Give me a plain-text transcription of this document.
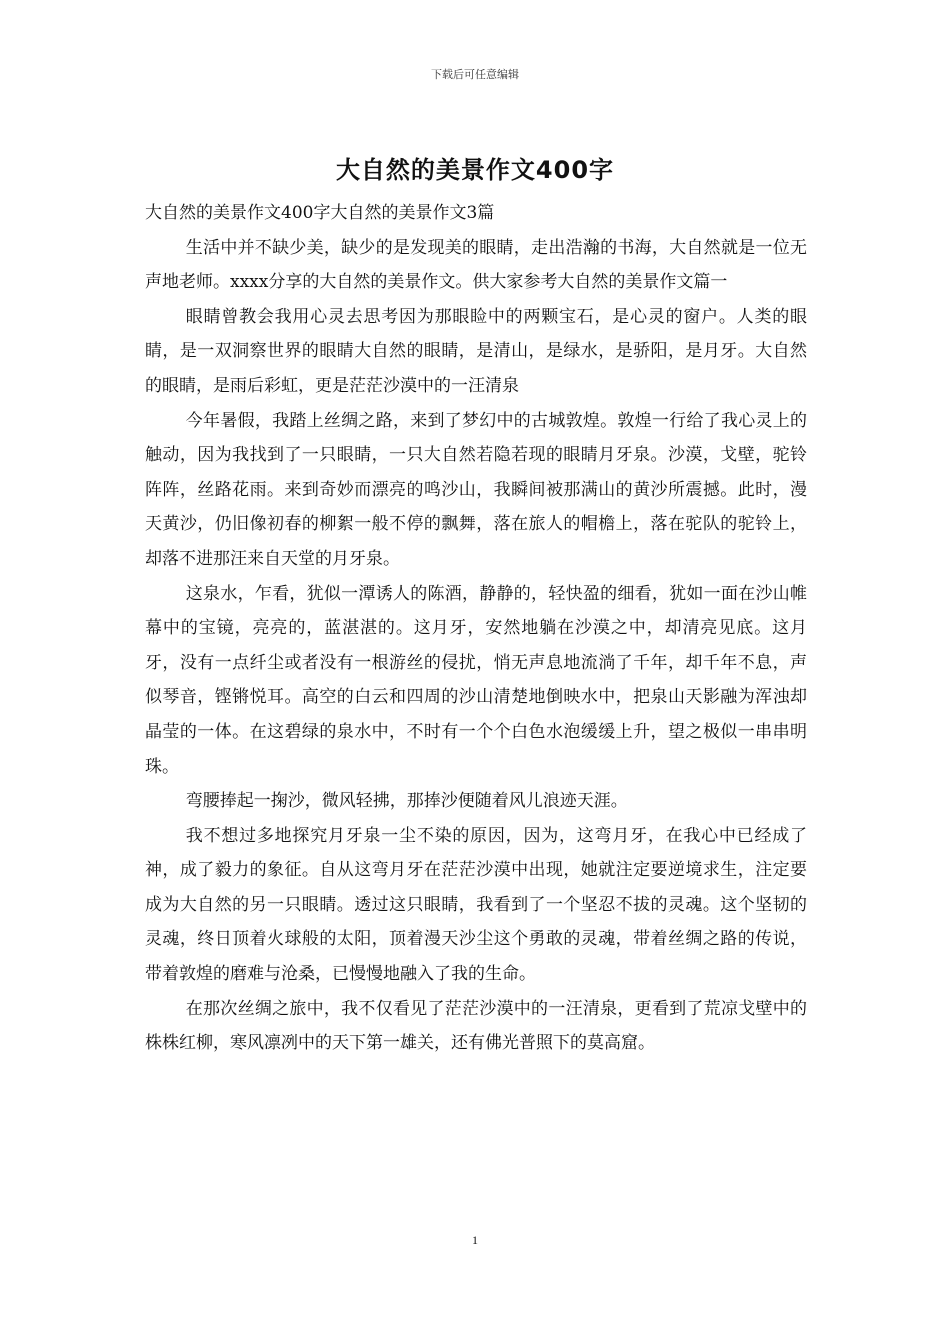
下载后可任意编辑
大自然的美景作文400字

大自然的美景作文400字大自然的美景作文3篇

生活中并不缺少美，缺少的是发现美的眼睛，走出浩瀚的书海，大自然就是一位无声地老师。xxxx分享的大自然的美景作文。供大家参考大自然的美景作文篇一

眼睛曾教会我用心灵去思考因为那眼睑中的两颗宝石，是心灵的窗户。人类的眼睛，是一双洞察世界的眼睛大自然的眼睛，是清山，是绿水，是骄阳，是月牙。大自然的眼睛，是雨后彩虹，更是茫茫沙漠中的一汪清泉

今年暑假，我踏上丝绸之路，来到了梦幻中的古城敦煌。敦煌一行给了我心灵上的触动，因为我找到了一只眼睛，一只大自然若隐若现的眼睛月牙泉。沙漠，戈壁，驼铃阵阵，丝路花雨。来到奇妙而漂亮的鸣沙山，我瞬间被那满山的黄沙所震撼。此时，漫天黄沙，仍旧像初春的柳絮一般不停的飘舞，落在旅人的帽檐上，落在驼队的驼铃上，却落不进那汪来自天堂的月牙泉。

这泉水，乍看，犹似一潭诱人的陈酒，静静的，轻快盈的细看，犹如一面在沙山帷幕中的宝镜，亮亮的，蓝湛湛的。这月牙，安然地躺在沙漠之中，却清亮见底。这月牙，没有一点纤尘或者没有一根游丝的侵扰，悄无声息地流淌了千年，却千年不息，声似琴音，铿锵悦耳。高空的白云和四周的沙山清楚地倒映水中，把泉山天影融为浑浊却晶莹的一体。在这碧绿的泉水中，不时有一个个白色水泡缓缓上升，望之极似一串串明珠。

弯腰捧起一掬沙，微风轻拂，那捧沙便随着风儿浪迹天涯。

我不想过多地探究月牙泉一尘不染的原因，因为，这弯月牙，在我心中已经成了神，成了毅力的象征。自从这弯月牙在茫茫沙漠中出现，她就注定要逆境求生，注定要成为大自然的另一只眼睛。透过这只眼睛，我看到了一个坚忍不拔的灵魂。这个坚韧的灵魂，终日顶着火球般的太阳，顶着漫天沙尘这个勇敢的灵魂，带着丝绸之路的传说，带着敦煌的磨难与沧桑，已慢慢地融入了我的生命。

在那次丝绸之旅中，我不仅看见了茫茫沙漠中的一汪清泉，更看到了荒凉戈壁中的株株红柳，寒风凛冽中的天下第一雄关，还有佛光普照下的莫高窟。

1
